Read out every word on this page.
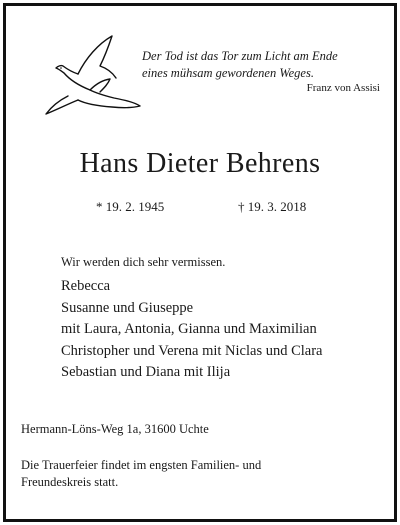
Der Tod ist das Tor zum Licht am Ende
eines mühsam gewordenen Weges.
Franz von Assisi
Hans Dieter Behrens
* 19. 2. 1945	† 19. 3. 2018
Wir werden dich sehr vermissen.
Rebecca
Susanne und Giuseppe
mit Laura, Antonia, Gianna und Maximilian
Christopher und Verena mit Niclas und Clara
Sebastian und Diana mit Ilija
Hermann-Löns-Weg 1a, 31600 Uchte
Die Trauerfeier findet im engsten Familien- und
Freundeskreis statt.
